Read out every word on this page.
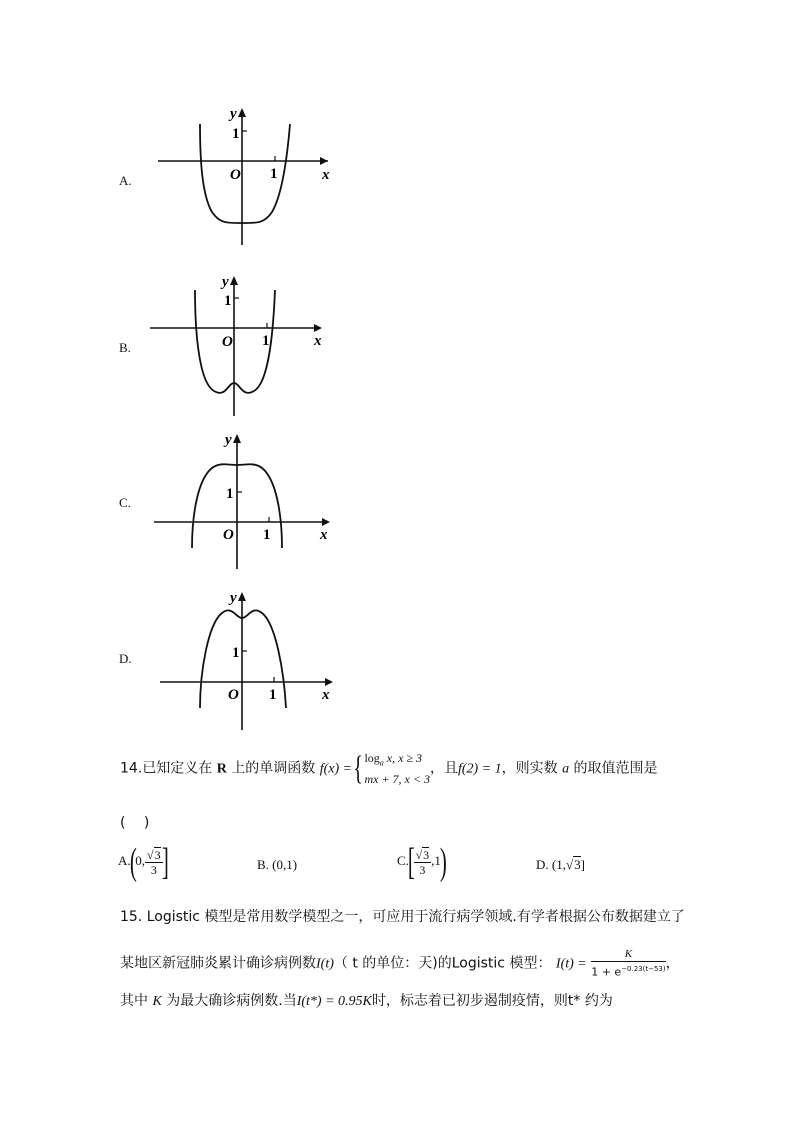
A.
B.
C.
D.
y
1
O 1	x
y
1
O 1	x
y
1
O 1	x
y
1
O 1	x
14.已知定义在 R 上的单调函数 f(x) ={ $\log_a x$, x ≥ 3
mx + 7, x < 3
，且f(2) = 1，则实数 a 的取值范围是
(　 )
A.(0, $\frac{√3}{3}$
]	B. (0,1)	C.[
$\frac{√3}{3} ,1$)	D. (1,√3]
15. Logistic 模型是常用数学模型之一，可应用于流行病学领域.有学者根据公布数据建立了
某地区新冠肺炎累计确诊病例数I(t)（ t 的单位：天)的Logistic 模型： $I(t) = \frac{K}{1 + e^{-0.23(t-53)}}$ ，
其中 K 为最大确诊病例数.当I(t*) = 0.95K时，标志着已初步遏制疫情，则t* 约为
